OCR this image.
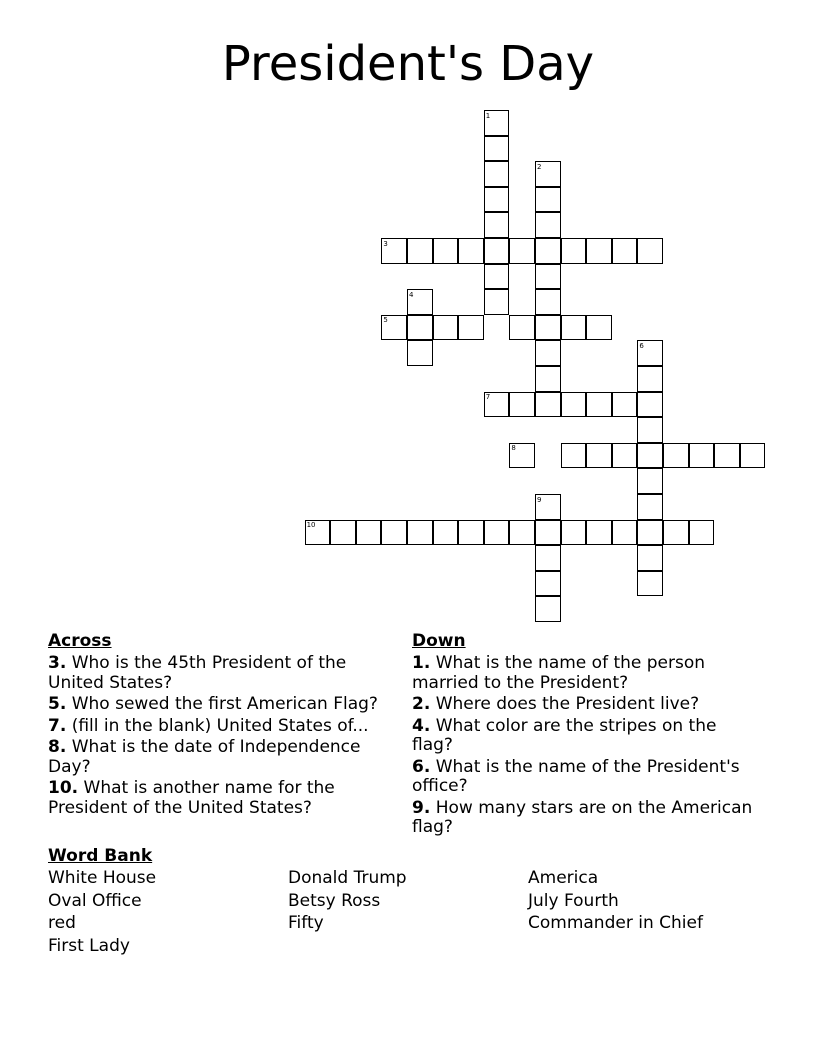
President's Day
1
2
3
4
5
6
7
8
9
10
Across
3. Who is the 45th President of the United States?
5. Who sewed the first American Flag?
7. (fill in the blank) United States of...
8. What is the date of Independence Day?
10. What is another name for the President of the United States?
Down
1. What is the name of the person married to the President?
2. Where does the President live?
4. What color are the stripes on the flag?
6. What is the name of the President's office?
9. How many stars are on the American flag?
Word Bank
White House
Oval Office
red
First Lady
Donald Trump
Betsy Ross
Fifty
America
July Fourth
Commander in Chief
